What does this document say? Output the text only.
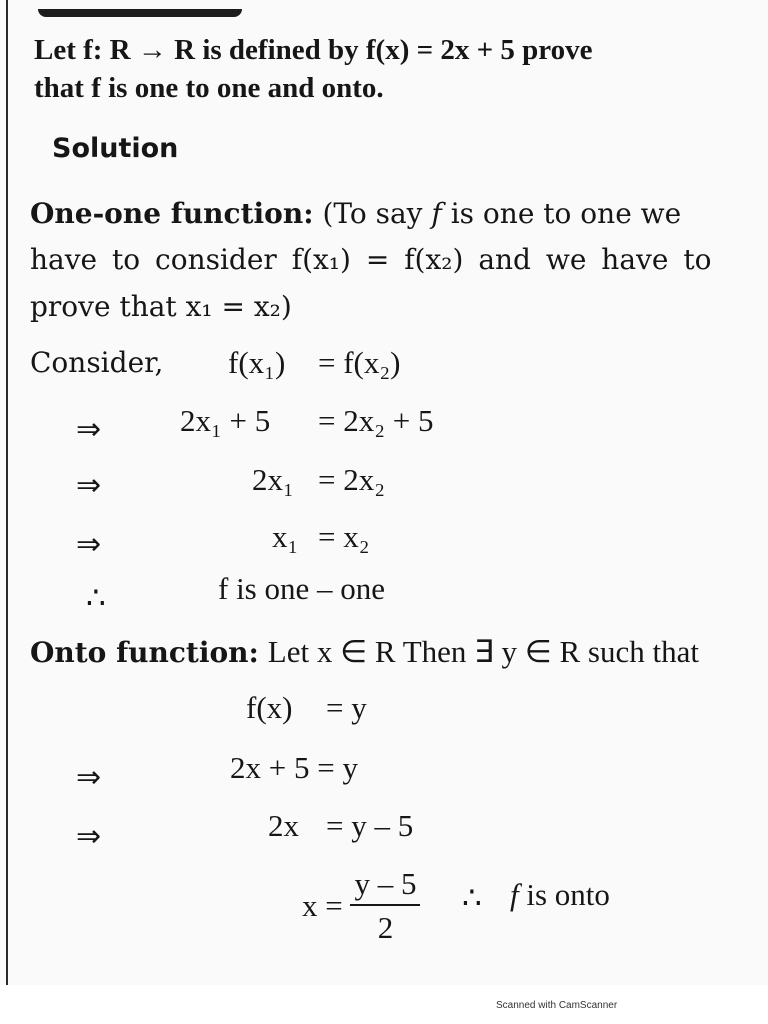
Let f: R → R is defined by f(x) = 2x + 5 prove
that f is one to one and onto.
Solution
One-one function: (To say f is one to one we
have to consider f(x₁) = f(x₂) and we have to
prove that x₁ = x₂)
Consider, f(x₁) = f(x₂)
⇒	2x₁ + 5 = 2x₂ + 5
⇒	2x₁ = 2x₂
⇒	x₁ = x₂
∴	f is one – one
Onto function: Let x ∈ R Then ∃ y ∈ R such that
f(x) = y
⇒	2x + 5 = y
⇒	2x = y – 5
$x = \frac{y - 5}{2}$ ∴ f is onto
Scanned with CamScanner
